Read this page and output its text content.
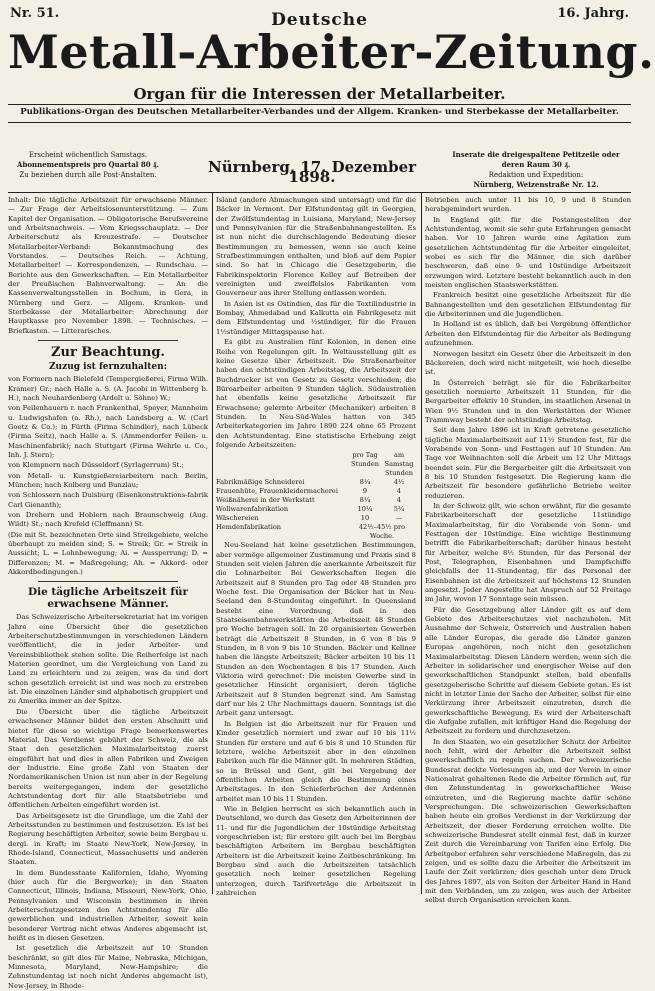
Nr. 51.	16. Jahrg.
Deutsche
Metall-Arbeiter-Zeitung.
Organ für die Interessen der Metallarbeiter.
Publikations-Organ des Deutschen Metallarbeiter-Verbandes und der Allgem. Kranken- und Sterbekasse der Metallarbeiter.
Erscheint wöchentlich Samstags.
Abonnementspreis pro Quartal 80 ₰.
Zu beziehen durch alle Post-Anstalten.	Nürnberg, 17. Dezember 1898.
Inserate die dreigespaltene Petitzeile oder deren Raum 30 ₰.
Redaktion und Expedition:
Nürnberg, Weizenstraße Nr. 12.

Inhalt: Die tägliche Arbeitszeit für erwachsene Männer. — Zur Frage der Arbeitslosenunterstützung. — Zum Kapitel der Organisation. — Obligatorische Berufsvereine und Arbeitsnachweis. — Vom Kriegsschauplatz. — Der Arbeiterschutz als Kreuzestrafe. — Deutscher Metallarbeiter-Verband: Bekanntmachung des Vorstandes. — Deutsches Reich. — Achtung, Metallarbeiter! — Korrespondenzen. — Rundschau. — Berichte aus den Gewerkschaften. — Ein Metallarbeiter der Preußischen Bahnverwaltung. — An die Kassenverwaltungsstellen in Bochum, in Gera, in Nürnberg und Gerz. — Allgem. Kranken- und Sterbekasse der Metallarbeiter: Abrechnung der Hauptkasse pro November 1898. — Technisches. — Briefkasten. — Litterarisches.

Zur Beachtung.
Zuzug ist fernzuhalten:

von Formern nach Bielefeld (Tempergießerei, Firma Wilh. Kramer) Gr.; nach Halle a. S. (A. Jacobi in Wittenberg b. H.), nach Neuhardenberg (Ardelt u. Söhne) W.;

von Feilenhauern r. nach Frankenthal, Speyer, Mannheim u. Ludwigshafen (a. Rh.), nach Landsberg a. W. (Carl Goetz & Co.); in Fürth (Firma Schindler), nach Lübeck (Firma Seitz), nach Halle a. S. (Ammendorfer Feilen- u. Maschinenfabrik); nach Stuttgart (Firma Wehrle u. Co., Inh. J. Stern);

von Klempnern nach Düsseldorf (Syrlagerrum) St.;

von Metall- u. Kunstgießereiarbeitern nach Berlin, München; nach Kolberg und Bunzlau;

von Schlossern nach Duisburg (Eisenkonstruktions-fabrik Carl Gienanth);

von Drehern und Hoblern nach Braunschweig (Aug. Wildt) St.; nach Krefeld (Cleffmann) St.

(Die mit St. bezeichneten Orte sind Streikgebiete, welche überhaupt zu meiden sind; S. = Streik; Gr. = Streik in Aussicht; L. = Lohnbewegung; Ai. = Aussperrung; D. = Differenzen; M. = Maßregelung; Ah. = Akkord- oder Akkordbedingungen.)

Die tägliche Arbeitszeit für erwachsene Männer.

Das Schweizerische Arbeitersekretariat hat im vorigen Jahre eine Übersicht über die gesetzlichen Arbeiterschutzbestimmungen in verschiedenen Ländern veröffentlicht, die in jeder Arbeiter- und Vereinsbibliothek stehen sollte. Die Reiherfolge ist nach Materien geordnet, um die Vergleichung von Land zu Land zu erleichtern und zu zeigen, was da und dort schon gesetzlich erreicht ist und was noch zu erstreben ist. Die einzelnen Länder sind alphabetisch gruppiert und zu Amerika immer an der Spitze.

Die Übersicht über die tägliche Arbeitszeit erwachsener Männer bildet den ersten Abschnitt und bietet für diese so wichtige Frage bemerkenswertes Material. Das Verdienst gebührt der Schweiz, die als Staat den gesetzlichen Maximalarbeitstag zuerst eingeführt hat und dies in allen Fabriken und Zweigen der Industrie. Eine große Zahl von Staaten der Nordamerikanischen Union ist nun aber in der Regelung bereits weitergegangen, indem der gesetzliche Achtstundentag dort für alle Staatsbetriebe und öffentlichen Arbeiten eingeführt worden ist.

Das Arbeitsgesetz ist die Grundlage, um die Zahl der Arbeitsstunden zu bestimmen und festzusetzen. Es ist bei Regierung beschäftigten Arbeiter, sowie beim Bergbau u. dergl. in Kraft; im Staate New-York, New-Jersey, in Rhode-Island, Connecticut, Massachusetts und anderen Staaten.

In dem Bundesstaate Kalifornien, Idaho, Wyoming (hier auch für die Bergwerke); in den Staaten Connecticut, Illinois, Indiana, Missouri, New-York, Ohio, Pennsylvanien und Wisconsin bestimmen in ihren Arbeiterschutzgesetzen den Achtstundentag für alle gewerblichen und industriellen Arbeiter, soweit kein besonderer Vertrag nicht etwas Anderes abgemacht ist, heißt es in diesen Gesetzen.

Ist gesetzlich die Arbeitszeit auf 10 Stunden beschränkt, so gilt dies für Maine, Nebraska, Michigan, Minnesota, Maryland, New-Hampshire; die Zehnstundentag ist noch nicht Anderes abgemacht ist), New-Jersey, in Rhode-

Island (andere Abmachungen sind untersagt) und für die Bäcker in Vermont. Der Elfstundentag gilt in Georgien, der Zwölfstundentag in Luisiana, Maryland, New-Jersey und Pennsylvanien für die Straßenbahnangestellten. Es ist nun nicht die durchschlagende Bedeutung dieser Bestimmungen zu bemessen, wenn sie auch keine Strafbestimmungen enthalten, und bloß auf dem Papier sind. So hat in Chicago die Gesetzgeberin, die Fabrikinspektorin Florence Kelley auf Betreiben der vereinigten und zweiffelslos Fabrikanten vom Gouverneur aus ihrer Stellung entlassen worden.

In Asien ist es Ostindien, das für die Textilindustrie in Bombay, Ahmedabad und Kalkutta ein Fabrikgesetz mit dem Elfstundentag und ½stündiger, für die Frauen 1½stündiger Mittagspause hat.

Es gibt zu Australien fünf Kolonien, in denen eine Reihe von Regelungen gilt. In Weltausstellung gilt es keine Gesetze über Arbeitszeit. Die Straßenarbeiter haben den achtstündigen Arbeitstag, die Arbeitszeit der Buchdrucker ist von Gesetz zu Gesetz verschieden; die Büroarbeiter arbeiten 9 Stunden täglich. Südaustralien hat ebenfalls keine gesetzliche Arbeitszeit für Erwachsene; gelernte Arbeiter (Mechaniker) arbeiten 8 Stunden. In Neu-Süd-Wales hatten von 345 Arbeiterkategorien im Jahre 1890 224 ohne 65 Prozent den Achtstundentag. Eine statistische Erhebung zeigt folgende Arbeitszeiten:

	pro Tag Stunden	am Samstag Stunden
Fabrikmäßige Schneiderei	8¼	4½
Frauenhüte, Frauenkleidermacherei	9	4
Weißnäherei in der Werkstatt	8¼	4
Wollwarenfabrikation	10¼	5¾
Wäschereien	10	—
Hemdenfabrikation	42½–45½ pro Woche.	

Neu-Seeland hat keine gesetzlichen Bestimmungen, aber vermöge allgemeiner Zustimmung und Praxis sind 8 Stunden seit vielen Jahren die anerkannte Arbeitszeit für die Lohnarbeiter. Bei Gewerkschaften liegen die Arbeitszeit auf 8 Stunden pro Tag oder 48 Stunden pro Woche fest. Die Organisation der Bäcker hat in Neu-Seeland den 8-Stundentag eingeführt. In Queensland besteht eine Verordnung, daß in den Staatseisenbahnwerkstätten die Arbeitszeit 48 Stunden pro Woche betragen soll. In 20 organisierten Gewerben beträgt die Arbeitszeit 8 Stunden, in 6 von 8 bis 9 Stunden, in 8 von 9 bis 10 Stunden. Bäcker und Kellner haben die längste Arbeitszeit; Bäcker arbeiten 10 bis 11 Stunden an den Wochentagen 8 bis 17 Stunden. Auch Viktoria wird gerechnet: Die meisten Gewerbe sind in gesetzlicher Hinsicht organisiert, deren tägliche Arbeitszeit auf 8 Stunden begrenzt sind. Am Samstag darf nur bis 2 Uhr Nachmittags dauern. Sonntags ist die Arbeit ganz untersagt.

In Belgien ist die Arbeitszeit nur für Frauen und Kinder gesetzlich normiert und zwar auf 10 bis 11½ Stunden für erstere und auf 6 bis 8 und 10 Stunden für letztere, welche Arbeitszeit aber in den einzelnen Fabriken auch für die Männer gilt. In mehreren Städten, so in Brüssel und Gent, gilt bei Vergebung der öffentlichen Arbeiten gleich die Bestimmung eines Arbeitstages. In den Schieferbrüchen der Ardennen arbeitet man 10 bis 11 Stunden.

Wie in Belgien herrscht es sich bekanntlich auch in Deutschland, wo durch das Gesetz den Arbeiterinnen der 11- und für die Jugendlichen der 10stündige Arbeitstag vorgeschrieben ist; für erstere gilt auch bei im Bergbau beschäftigten Arbeitern im Bergbau beschäftigten Arbeitern ist die Arbeitszeit keine Zeitbeschränkung. Im Bergbau sind auch die Arbeitszeiten tatsächlich gesetzlich noch keiner gesetzlichen Regelung unterzogen, durch Tarifverträge die Arbeitszeit in zahlreichen

Betrieben auch unter 11 bis 10, 9 und 8 Stunden herabgemindert wurden.

In England gilt für die Postangestellten der Achtstundentag, womit sie sehr gute Erfahrungen gemacht haben. Vor 10 Jahren wurde eine Agitation zum gesetzlichen Achtstundentag für die Arbeiter eingeleitet, wobei es sich für die Männer, die sich darüber beschweren, daß eine 9- und 10stündige Arbeitszeit erzwungen wird. Letztere besteht bekanntlich auch in den meisten englischen Staatswerkstätten.

Frankreich besitzt eine gesetzliche Arbeitszeit für die Bahnangestellten und den gesetzlichen Elfstundentag für die Arbeiterinnen und die Jugendlichen.

In Holland ist es üblich, daß bei Vergebung öffentlicher Arbeiten den Elfstundentag für die Arbeiter als Bedingung aufzunehmen.

Norwegen besitzt ein Gesetz über die Arbeitszeit in den Bäckereien, doch wird nicht mitgeteilt, wie hoch dieselbe ist.

In Österreich beträgt sie für die Fabrikarbeiter gesetzlich normierte Arbeitszeit 11 Stunden, für die Bergarbeiter effektiv 10 Stunden, im staatlichen Arsenal in Wien 9½ Stunden und in den Werkstätten der Wiener Trammway besteht der achtstündige Arbeitstag.

Seit dem Jahre 1896 ist in Kraft getretene gesetzliche tägliche Maximalarbeitszeit auf 11½ Stunden fest, für die Vorabende von Sonn- und Festtagen auf 10 Stunden. Am Tage vor Weihnachten soll die Arbeit um 12 Uhr Mittags beendet sein. Für die Bergarbeiter gilt die Arbeitszeit von 8 bis 10 Stunden festgesetzt. Die Regierung kann die Arbeitszeit für besondere gefährliche Betriebe weiter reduzieren.

In der Schweiz gilt, wie schon erwähnt, für die gesamte Fabrikarbeiterschaft der gesetzliche 11stündige Maximalarbeitstag, für die Vorabende von Sonn- und Festtagen der 10stündige. Eine wichtige Bestimmung betrifft die Fabrikarbeiterschaft; darüber hinaus besteht für Arbeiter, welche 8½ Stunden, für das Personal der Post, Telegraphen, Eisenbahnen und Dampfschiffe gleichfalls der 11-Stundentag, für das Personal der Eisenbahnen ist die Arbeitszeit auf höchstens 12 Stunden angesetzt. Jeder Angestellte hat Anspruch auf 52 Freitage im Jahr, wovon 17 Sonntage sein müssen.

Für die Gesetzgebung aller Länder gilt es auf dem Gebiete des Arbeiterschutzes viel nachzuholen. Mit Ausnahme der Schweiz, Österreich und Australien haben alle Länder Europas, die gerade die Länder ganzen Europas angehören, noch nicht den gesetzlichen Maximalarbeitstag. Diesen Ländern werden, wenn sich die Arbeiter in solidarischer und energischer Weise auf den gewerkschaftlichen Standpunkt stellen, bald ebenfalls gesetzgeberische Schritte auf diesem Gebiete getan. Es ist nicht in letzter Linie der Sache der Arbeiter, selbst für eine Verkürzung ihrer Arbeitszeit einzutreten, durch die gewerkschaftliche Bewegung. Es wird der Arbeiterschaft die Aufgabe zufallen, mit kräftiger Hand die Regelung der Arbeitszeit zu fordern und durchzusetzen.

In den Staaten, wo ein gesetzlicher Schutz der Arbeiter noch fehlt, wird der Arbeiter die Arbeitszeit selbst gewerkschaftlich zu regeln suchen. Der schweizerische Bundesrat deckte Vorlesungen ab, und der Verein in einer Nationalrat gehaltenen Rede die Arbeiter förmlich auf, für den Zehnstundentag in gewerkschaftlicher Weise einzutreten, und die Regierung machte dafür schöne Versprechungen. Die schweizerischen Gewerkschaften haben heute ein großes Verdienst in der Verkürzung der Arbeitszeit, der dieser Forderung erreichen wollte. Die schweizerische Bundesrat stellt einmal fest, daß in kurzer Zeit durch die Vereinbarung von Tarifen eine Erfolg. Die Arbeitgeber erfahren sehr verschiedene Maßregeln, das zu zeigen, und es sollte dazu die Arbeiter die Arbeitszeit im Laufe der Zeit verkürzen; dies geschah unter dem Druck des Jahres 1897, als von Seiten der Arbeiter Hand in Hand mit den Verbänden, um zu zeigen, was auch der Arbeiter selbst durch Organisation erreichen kann.
